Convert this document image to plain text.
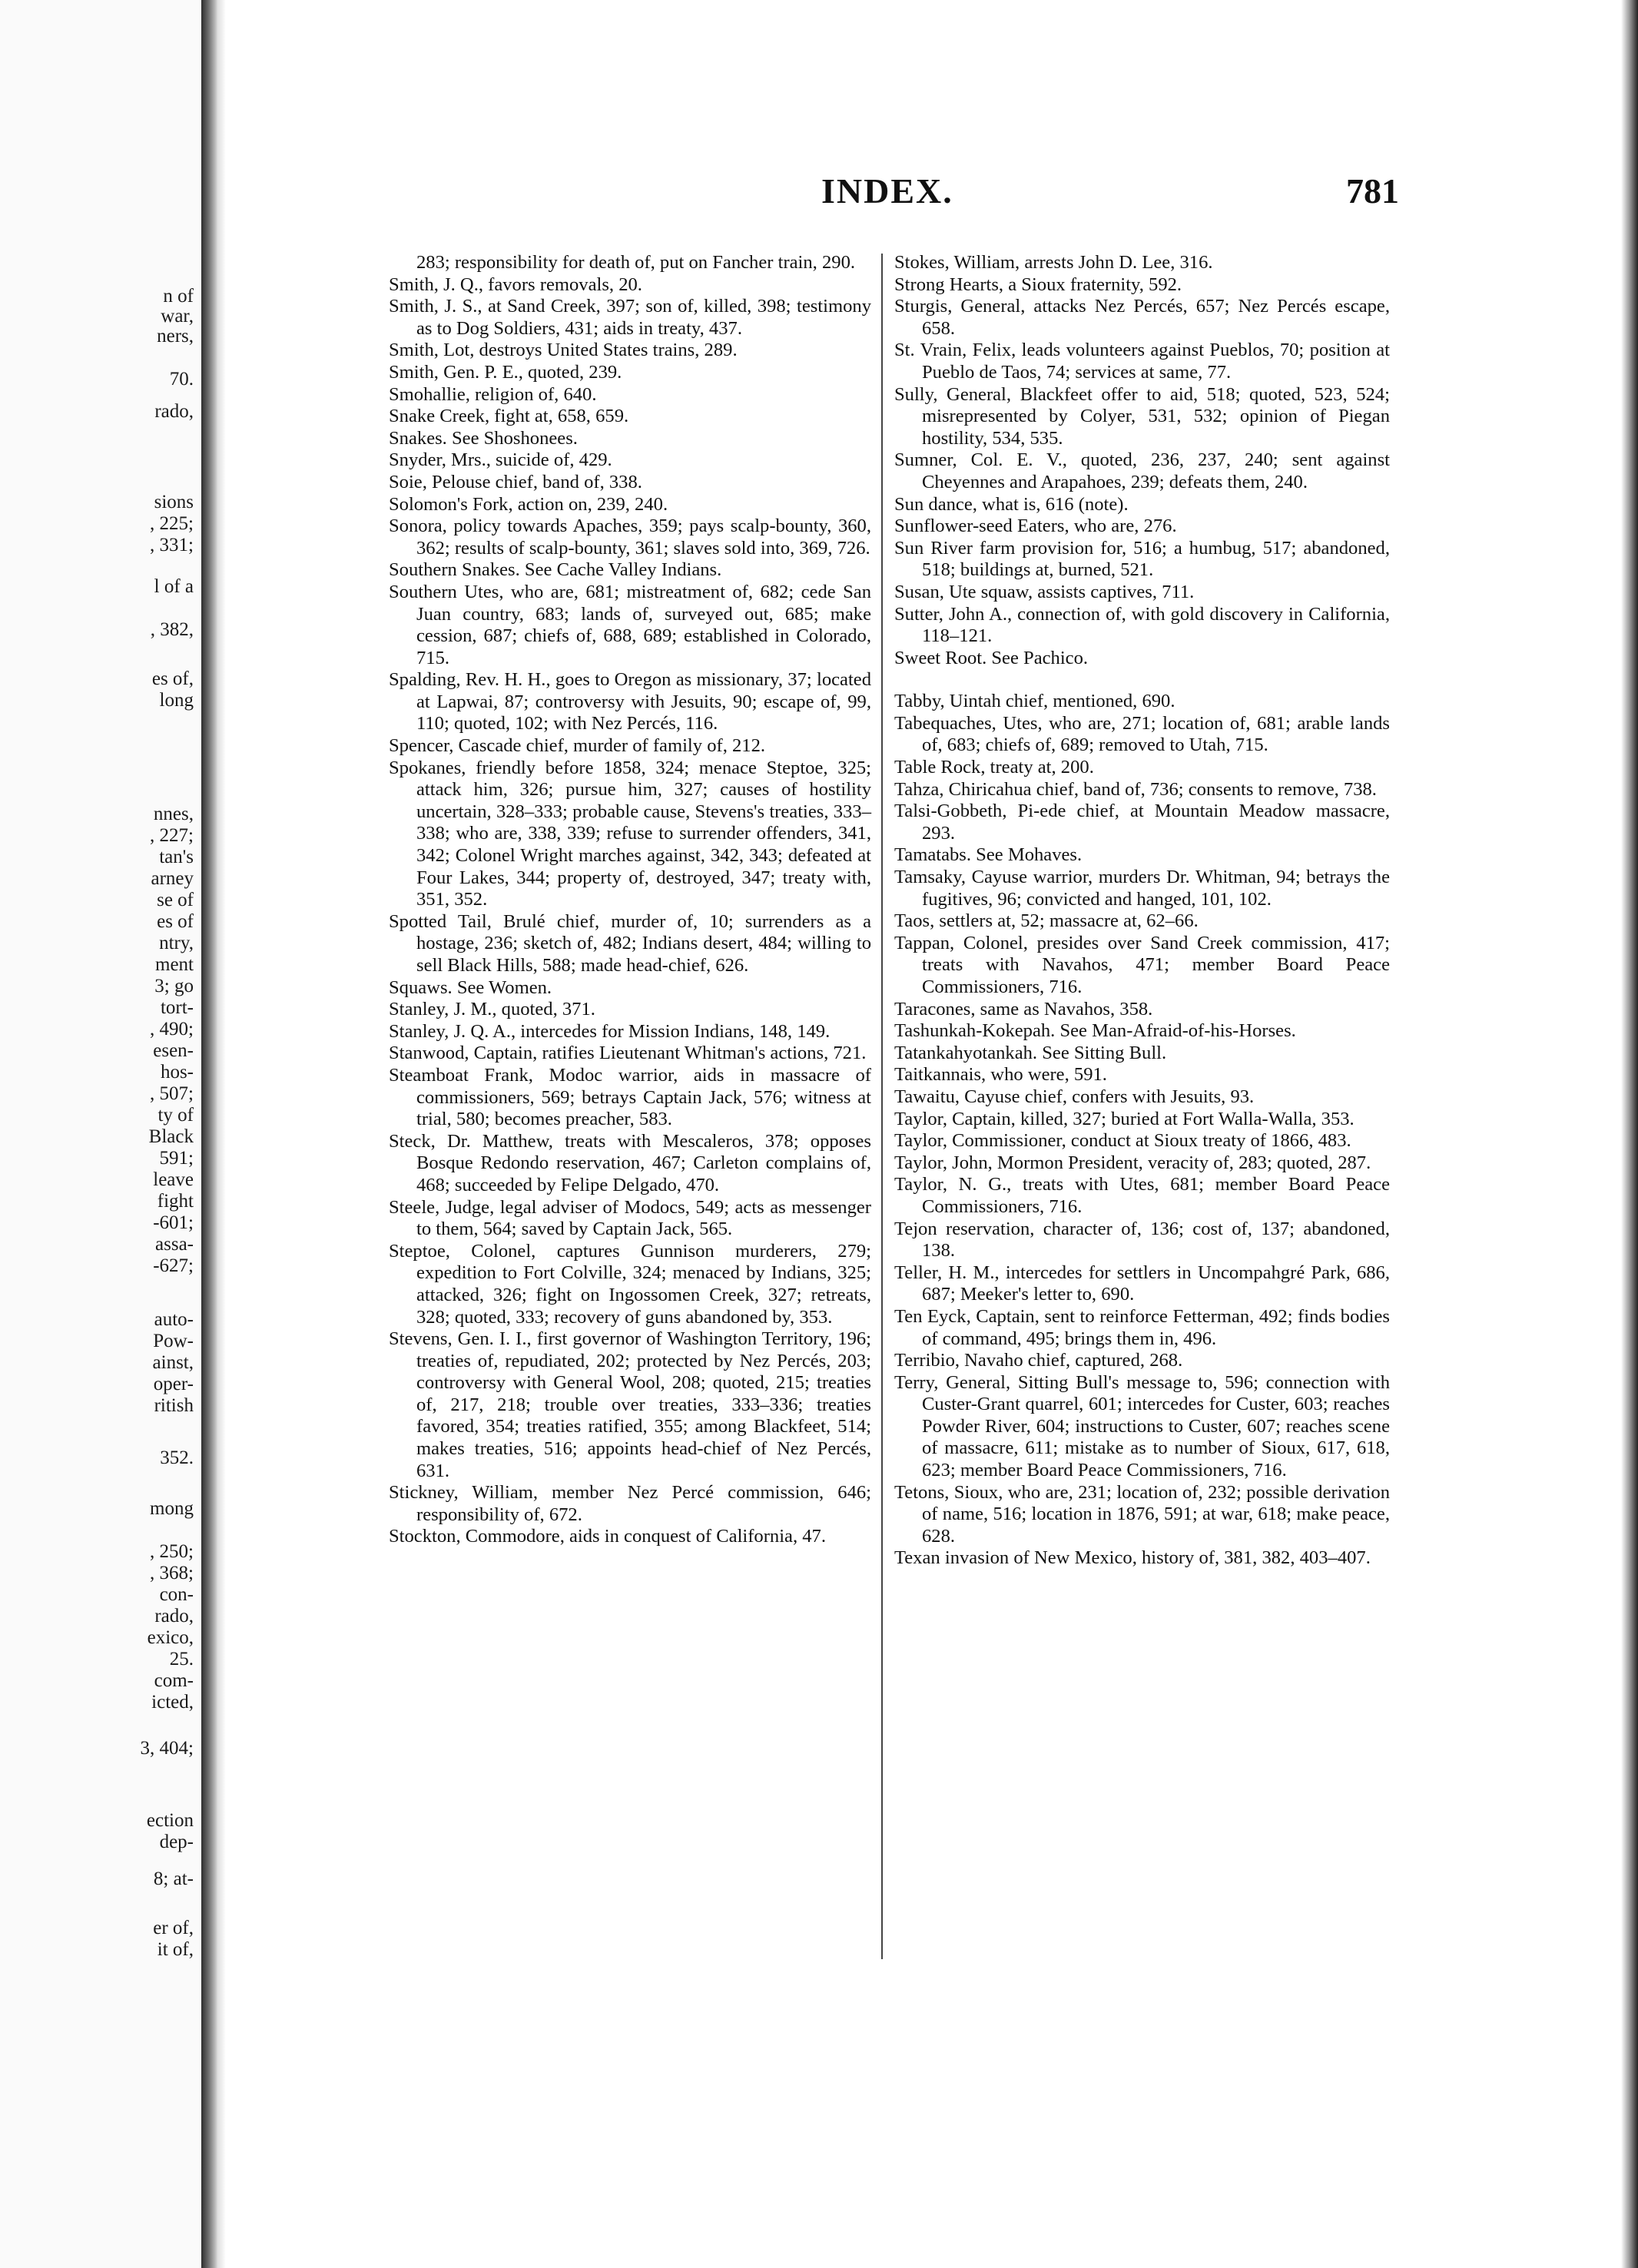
n of
war,
ners,
70.
rado,
sions
, 225;
, 331;
l of a
, 382,
es of,
long
nnes,
, 227;
tan's
arney
se of
es of
ntry,
ment
3; go
tort-
, 490;
esen-
hos-
, 507;
ty of
Black
591;
leave
fight
-601;
assa-
-627;
auto-
Pow-
ainst,
oper-
ritish
352.
mong
, 250;
, 368;
con-
rado,
exico,
25.
com-
icted,
3, 404;
ection
dep-
8; at-
er of,
it of,
INDEX.	781

283; responsibility for death of, put on Fancher train, 290.

Smith, J. Q., favors removals, 20.

Smith, J. S., at Sand Creek, 397; son of, killed, 398; testimony as to Dog Soldiers, 431; aids in treaty, 437.

Smith, Lot, destroys United States trains, 289.

Smith, Gen. P. E., quoted, 239.

Smohallie, religion of, 640.

Snake Creek, fight at, 658, 659.

Snakes. See Shoshonees.

Snyder, Mrs., suicide of, 429.

Soie, Pelouse chief, band of, 338.

Solomon's Fork, action on, 239, 240.

Sonora, policy towards Apaches, 359; pays scalp-bounty, 360, 362; results of scalp-bounty, 361; slaves sold into, 369, 726.

Southern Snakes. See Cache Valley Indians.

Southern Utes, who are, 681; mistreatment of, 682; cede San Juan country, 683; lands of, surveyed out, 685; make cession, 687; chiefs of, 688, 689; established in Colorado, 715.

Spalding, Rev. H. H., goes to Oregon as missionary, 37; located at Lapwai, 87; controversy with Jesuits, 90; escape of, 99, 110; quoted, 102; with Nez Percés, 116.

Spencer, Cascade chief, murder of family of, 212.

Spokanes, friendly before 1858, 324; menace Steptoe, 325; attack him, 326; pursue him, 327; causes of hostility uncertain, 328–333; probable cause, Stevens's treaties, 333–338; who are, 338, 339; refuse to surrender offenders, 341, 342; Colonel Wright marches against, 342, 343; defeated at Four Lakes, 344; property of, destroyed, 347; treaty with, 351, 352.

Spotted Tail, Brulé chief, murder of, 10; surrenders as a hostage, 236; sketch of, 482; Indians desert, 484; willing to sell Black Hills, 588; made head-chief, 626.

Squaws. See Women.

Stanley, J. M., quoted, 371.

Stanley, J. Q. A., intercedes for Mission Indians, 148, 149.

Stanwood, Captain, ratifies Lieutenant Whitman's actions, 721.

Steamboat Frank, Modoc warrior, aids in massacre of commissioners, 569; betrays Captain Jack, 576; witness at trial, 580; becomes preacher, 583.

Steck, Dr. Matthew, treats with Mescaleros, 378; opposes Bosque Redondo reservation, 467; Carleton complains of, 468; succeeded by Felipe Delgado, 470.

Steele, Judge, legal adviser of Modocs, 549; acts as messenger to them, 564; saved by Captain Jack, 565.

Steptoe, Colonel, captures Gunnison murderers, 279; expedition to Fort Colville, 324; menaced by Indians, 325; attacked, 326; fight on Ingossomen Creek, 327; retreats, 328; quoted, 333; recovery of guns abandoned by, 353.

Stevens, Gen. I. I., first governor of Washington Territory, 196; treaties of, repudiated, 202; protected by Nez Percés, 203; controversy with General Wool, 208; quoted, 215; treaties of, 217, 218; trouble over treaties, 333–336; treaties favored, 354; treaties ratified, 355; among Blackfeet, 514; makes treaties, 516; appoints head-chief of Nez Percés, 631.

Stickney, William, member Nez Percé commission, 646; responsibility of, 672.

Stockton, Commodore, aids in conquest of California, 47.

Stokes, William, arrests John D. Lee, 316.

Strong Hearts, a Sioux fraternity, 592.

Sturgis, General, attacks Nez Percés, 657; Nez Percés escape, 658.

St. Vrain, Felix, leads volunteers against Pueblos, 70; position at Pueblo de Taos, 74; services at same, 77.

Sully, General, Blackfeet offer to aid, 518; quoted, 523, 524; misrepresented by Colyer, 531, 532; opinion of Piegan hostility, 534, 535.

Sumner, Col. E. V., quoted, 236, 237, 240; sent against Cheyennes and Arapahoes, 239; defeats them, 240.

Sun dance, what is, 616 (note).

Sunflower-seed Eaters, who are, 276.

Sun River farm provision for, 516; a humbug, 517; abandoned, 518; buildings at, burned, 521.

Susan, Ute squaw, assists captives, 711.

Sutter, John A., connection of, with gold discovery in California, 118–121.

Sweet Root. See Pachico.

Tabby, Uintah chief, mentioned, 690.

Tabequaches, Utes, who are, 271; location of, 681; arable lands of, 683; chiefs of, 689; removed to Utah, 715.

Table Rock, treaty at, 200.

Tahza, Chiricahua chief, band of, 736; consents to remove, 738.

Talsi-Gobbeth, Pi-ede chief, at Mountain Meadow massacre, 293.

Tamatabs. See Mohaves.

Tamsaky, Cayuse warrior, murders Dr. Whitman, 94; betrays the fugitives, 96; convicted and hanged, 101, 102.

Taos, settlers at, 52; massacre at, 62–66.

Tappan, Colonel, presides over Sand Creek commission, 417; treats with Navahos, 471; member Board Peace Commissioners, 716.

Taracones, same as Navahos, 358.

Tashunkah-Kokepah. See Man-Afraid-of-his-Horses.

Tatankahyotankah. See Sitting Bull.

Taitkannais, who were, 591.

Tawaitu, Cayuse chief, confers with Jesuits, 93.

Taylor, Captain, killed, 327; buried at Fort Walla-Walla, 353.

Taylor, Commissioner, conduct at Sioux treaty of 1866, 483.

Taylor, John, Mormon President, veracity of, 283; quoted, 287.

Taylor, N. G., treats with Utes, 681; member Board Peace Commissioners, 716.

Tejon reservation, character of, 136; cost of, 137; abandoned, 138.

Teller, H. M., intercedes for settlers in Uncompahgré Park, 686, 687; Meeker's letter to, 690.

Ten Eyck, Captain, sent to reinforce Fetterman, 492; finds bodies of command, 495; brings them in, 496.

Terribio, Navaho chief, captured, 268.

Terry, General, Sitting Bull's message to, 596; connection with Custer-Grant quarrel, 601; intercedes for Custer, 603; reaches Powder River, 604; instructions to Custer, 607; reaches scene of massacre, 611; mistake as to number of Sioux, 617, 618, 623; member Board Peace Commissioners, 716.

Tetons, Sioux, who are, 231; location of, 232; possible derivation of name, 516; location in 1876, 591; at war, 618; make peace, 628.

Texan invasion of New Mexico, history of, 381, 382, 403–407.
